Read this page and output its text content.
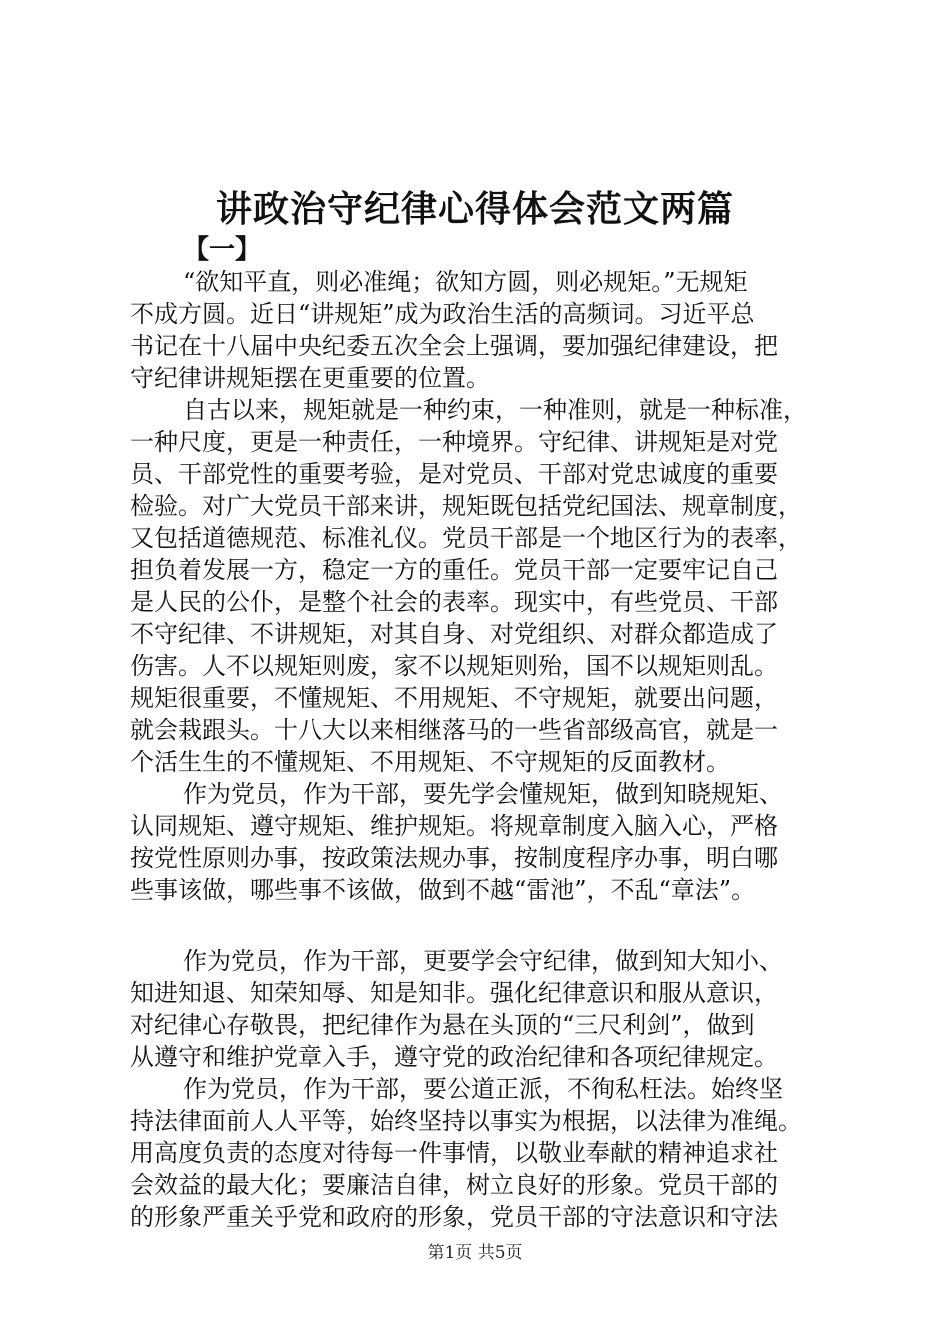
讲政治守纪律心得体会范文两篇
【一】
“欲知平直，则必准绳；欲知方圆，则必规矩。”无规矩
不成方圆。近日“讲规矩”成为政治生活的高频词。习近平总
书记在十八届中央纪委五次全会上强调，要加强纪律建设，把
守纪律讲规矩摆在更重要的位置。
自古以来，规矩就是一种约束，一种准则，就是一种标准，
一种尺度，更是一种责任，一种境界。守纪律、讲规矩是对党
员、干部党性的重要考验，是对党员、干部对党忠诚度的重要
检验。对广大党员干部来讲，规矩既包括党纪国法、规章制度，
又包括道德规范、标准礼仪。党员干部是一个地区行为的表率，
担负着发展一方，稳定一方的重任。党员干部一定要牢记自己
是人民的公仆，是整个社会的表率。现实中，有些党员、干部
不守纪律、不讲规矩，对其自身、对党组织、对群众都造成了
伤害。人不以规矩则废，家不以规矩则殆，国不以规矩则乱。
规矩很重要，不懂规矩、不用规矩、不守规矩，就要出问题，
就会栽跟头。十八大以来相继落马的一些省部级高官，就是一
个活生生的不懂规矩、不用规矩、不守规矩的反面教材。
作为党员，作为干部，要先学会懂规矩，做到知晓规矩、
认同规矩、遵守规矩、维护规矩。将规章制度入脑入心，严格
按党性原则办事，按政策法规办事，按制度程序办事，明白哪
些事该做，哪些事不该做，做到不越“雷池”，不乱“章法”。
作为党员，作为干部，更要学会守纪律，做到知大知小、
知进知退、知荣知辱、知是知非。强化纪律意识和服从意识，
对纪律心存敬畏，把纪律作为悬在头顶的“三尺利剑”，做到
从遵守和维护党章入手，遵守党的政治纪律和各项纪律规定。
作为党员，作为干部，要公道正派，不徇私枉法。始终坚
持法律面前人人平等，始终坚持以事实为根据，以法律为准绳。
用高度负责的态度对待每一件事情，以敬业奉献的精神追求社
会效益的最大化；要廉洁自律，树立良好的形象。党员干部的
的形象严重关乎党和政府的形象，党员干部的守法意识和守法
第1页 共5页
